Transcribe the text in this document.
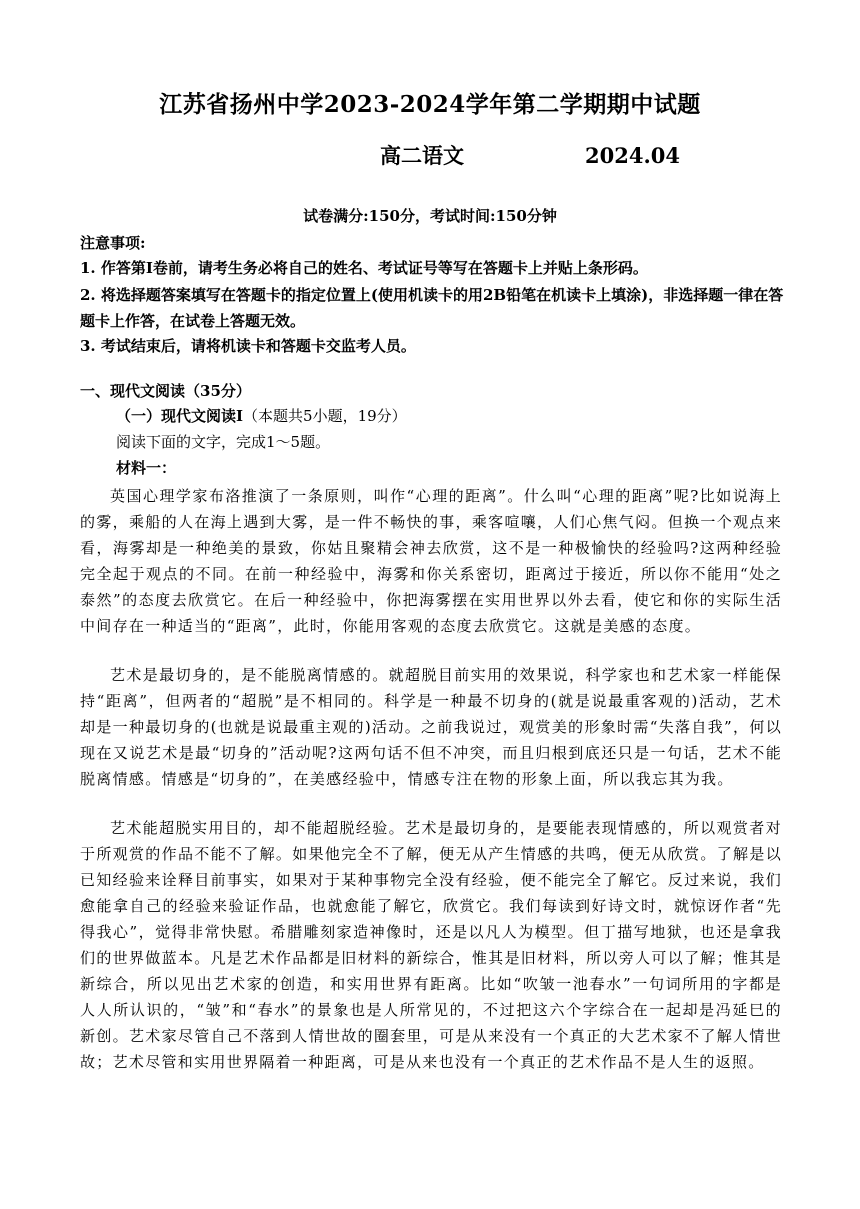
江苏省扬州中学2023-2024学年第二学期期中试题
高二语文	2024.04
试卷满分:150分，考试时间:150分钟
注意事项:
1. 作答第Ⅰ卷前，请考生务必将自己的姓名、考试证号等写在答题卡上并贴上条形码。
2. 将选择题答案填写在答题卡的指定位置上(使用机读卡的用2B铅笔在机读卡上填涂)，非选择题一律在答题卡上作答，在试卷上答题无效。
3. 考试结束后，请将机读卡和答题卡交监考人员。
一、现代文阅读（35分）
（一）现代文阅读Ⅰ（本题共5小题，19分）
阅读下面的文字，完成1～5题。
材料一：
英国心理学家布洛推演了一条原则，叫作“心理的距离”。什么叫“心理的距离”呢?比如说海上的雾，乘船的人在海上遇到大雾，是一件不畅快的事，乘客喧嚷，人们心焦气闷。但换一个观点来看，海雾却是一种绝美的景致，你姑且聚精会神去欣赏，这不是一种极愉快的经验吗?这两种经验完全起于观点的不同。在前一种经验中，海雾和你关系密切，距离过于接近，所以你不能用“处之泰然”的态度去欣赏它。在后一种经验中，你把海雾摆在实用世界以外去看，使它和你的实际生活中间存在一种适当的“距离”，此时，你能用客观的态度去欣赏它。这就是美感的态度。
艺术是最切身的，是不能脱离情感的。就超脱目前实用的效果说，科学家也和艺术家一样能保持“距离”，但两者的“超脱”是不相同的。科学是一种最不切身的(就是说最重客观的)活动，艺术却是一种最切身的(也就是说最重主观的)活动。之前我说过，观赏美的形象时需“失落自我”，何以现在又说艺术是最“切身的”活动呢?这两句话不但不冲突，而且归根到底还只是一句话，艺术不能脱离情感。情感是“切身的”，在美感经验中，情感专注在物的形象上面，所以我忘其为我。
艺术能超脱实用目的，却不能超脱经验。艺术是最切身的，是要能表现情感的，所以观赏者对于所观赏的作品不能不了解。如果他完全不了解，便无从产生情感的共鸣，便无从欣赏。了解是以已知经验来诠释目前事实，如果对于某种事物完全没有经验，便不能完全了解它。反过来说，我们愈能拿自己的经验来验证作品，也就愈能了解它，欣赏它。我们每读到好诗文时，就惊讶作者“先得我心”，觉得非常快慰。希腊雕刻家造神像时，还是以凡人为模型。但丁描写地狱，也还是拿我们的世界做蓝本。凡是艺术作品都是旧材料的新综合，惟其是旧材料，所以旁人可以了解；惟其是新综合，所以见出艺术家的创造，和实用世界有距离。比如“吹皱一池春水”一句词所用的字都是人人所认识的，“皱”和“春水”的景象也是人所常见的，不过把这六个字综合在一起却是冯延巳的新创。艺术家尽管自己不落到人情世故的圈套里，可是从来没有一个真正的大艺术家不了解人情世故；艺术尽管和实用世界隔着一种距离，可是从来也没有一个真正的艺术作品不是人生的返照。
